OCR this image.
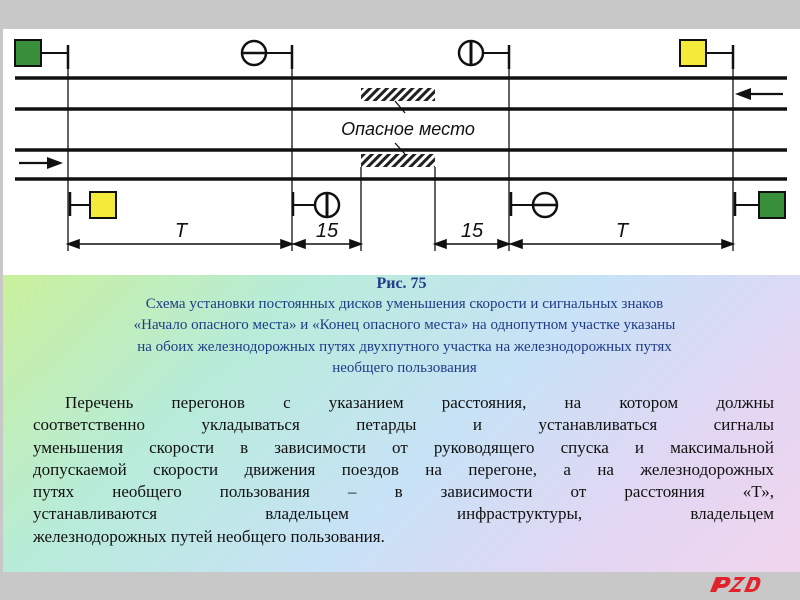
Опасное место
Т	15	15	Т
Рис. 75
Схема установки постоянных дисков уменьшения скорости и сигнальных знаков
«Начало опасного места» и «Конец опасного места» на однопутном участке указаны
на обоих железнодорожных путях двухпутного участка на железнодорожных путях
необщего пользования
Перечень перегонов с указанием расстояния, на котором должны
соответственно укладываться петарды и устанавливаться сигналы
уменьшения скорости в зависимости от руководящего спуска и максимальной
допускаемой скорости движения поездов на перегоне, а на железнодорожных
путях необщего пользования – в зависимости от расстояния «Т»,
устанавливаются владельцем инфраструктуры, владельцем
железнодорожных путей необщего пользования.
